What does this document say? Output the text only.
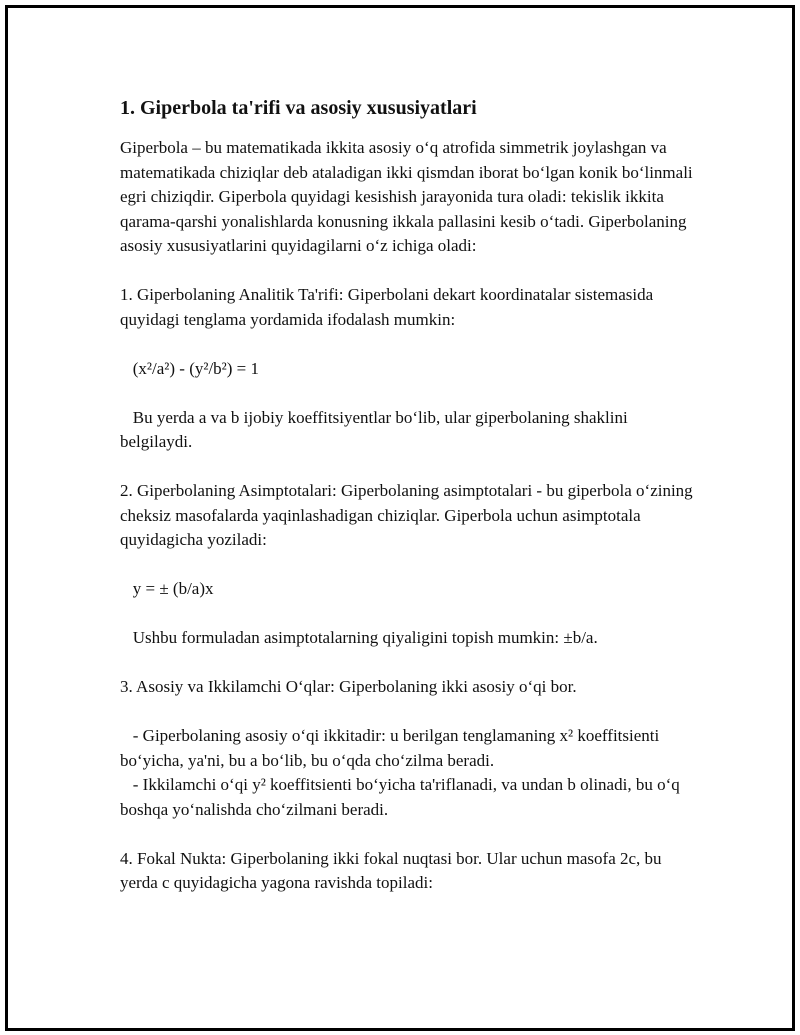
1. Giperbola ta'rifi va asosiy xususiyatlari

Giperbola – bu matematikada ikkita asosiy o‘q atrofida simmetrik joylashgan va matematikada chiziqlar deb ataladigan ikki qismdan iborat bo‘lgan konik bo‘linmali egri chiziqdir. Giperbola quyidagi kesishish jarayonida tura oladi: tekislik ikkita qarama-qarshi yonalishlarda konusning ikkala pallasini kesib o‘tadi. Giperbolaning asosiy xususiyatlarini quyidagilarni o‘z ichiga oladi:

1. Giperbolaning Analitik Ta'rifi: Giperbolani dekart koordinatalar sistemasida quyidagi tenglama yordamida ifodalash mumkin:

(x²/a²) - (y²/b²) = 1

Bu yerda a va b ijobiy koeffitsiyentlar bo‘lib, ular giperbolaning shaklini belgilaydi.

2. Giperbolaning Asimptotalari: Giperbolaning asimptotalari - bu giperbola o‘zining cheksiz masofalarda yaqinlashadigan chiziqlar. Giperbola uchun asimptotala quyidagicha yoziladi:

y = ± (b/a)x

Ushbu formuladan asimptotalarning qiyaligini topish mumkin: ±b/a.

3. Asosiy va Ikkilamchi O‘qlar: Giperbolaning ikki asosiy o‘qi bor.

- Giperbolaning asosiy o‘qi ikkitadir: u berilgan tenglamaning x² koeffitsienti bo‘yicha, ya'ni, bu a bo‘lib, bu o‘qda cho‘zilma beradi.

- Ikkilamchi o‘qi y² koeffitsienti bo‘yicha ta'riflanadi, va undan b olinadi, bu o‘q boshqa yo‘nalishda cho‘zilmani beradi.

4. Fokal Nukta: Giperbolaning ikki fokal nuqtasi bor. Ular uchun masofa 2c, bu yerda c quyidagicha yagona ravishda topiladi:
